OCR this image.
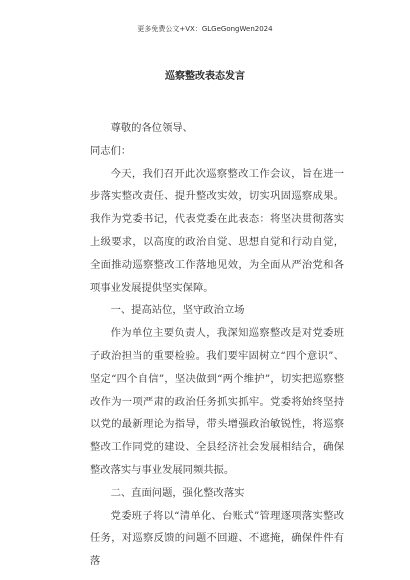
更多免费公文+VX：GLGeGongWen2024
巡察整改表态发言

尊敬的各位领导、

同志们：

今天，我们召开此次巡察整改工作会议，旨在进一步落实整改责任、提升整改实效，切实巩固巡察成果。我作为党委书记，代表党委在此表态：将坚决贯彻落实上级要求，以高度的政治自觉、思想自觉和行动自觉，全面推动巡察整改工作落地见效，为全面从严治党和各项事业发展提供坚实保障。

一、提高站位，坚守政治立场

作为单位主要负责人，我深知巡察整改是对党委班子政治担当的重要检验。我们要牢固树立“四个意识”、坚定“四个自信”，坚决做到“两个维护”，切实把巡察整改作为一项严肃的政治任务抓实抓牢。党委将始终坚持以党的最新理论为指导，带头增强政治敏锐性，将巡察整改工作同党的建设、全县经济社会发展相结合，确保整改落实与事业发展同频共振。

二、直面问题，强化整改落实

党委班子将以“清单化、台账式”管理逐项落实整改任务，对巡察反馈的问题不回避、不遮掩，确保件件有落
